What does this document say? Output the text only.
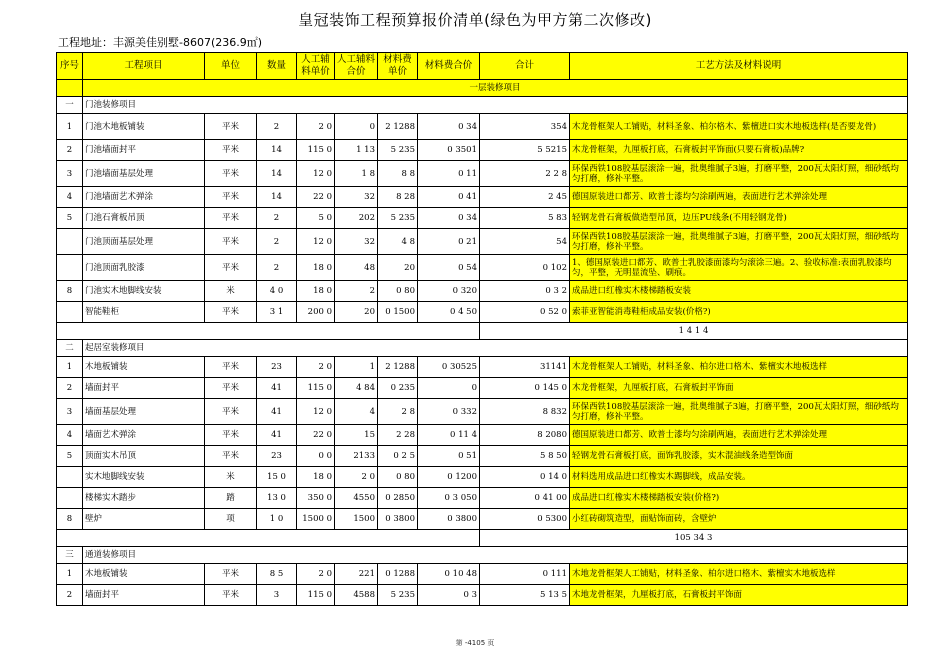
皇冠装饰工程预算报价清单(绿色为甲方第二次修改)
工程地址：丰源美佳别墅-8607(236.9㎡)
序号	工程项目	单位	数量	人工辅料单价	人工辅料合价	材料费单价	材料费合价	合计	工艺方法及材料说明
	一层装修项目								
一	门池装修项目								
1	门池木地板铺装	平米	2	2 0	0	2 1288	0 34	354	木龙骨框架人工铺贴，材料圣象、柏尔格木、紫檀进口实木地板选样(是否要龙骨)
2	门池墙面封平	平米	14	115 0	1 13	5 235	0 3501	5 5215	木龙骨框架，九厘板打底，石膏板封平饰面(只要石膏板)品牌?
3	门池墙面基层处理	平米	14	12 0	1 8	8 8	0 11	2 2 8	环保西铁108胶基层滚涂一遍，批奥维腻子3遍，打磨平整，200瓦太阳灯照，细砂纸均匀打磨，修补平整。
4	门池墙面艺术弹涂	平米	14	22 0	32	8 28	0 41	2 45	德国原装进口都芳、欧普士漆均匀涂刷两遍，表面进行艺术弹涂处理
5	门池石膏板吊顶	平米	2	5 0	202	5 235	0 34	5 83	轻钢龙骨石膏板做造型吊顶，边压PU线条(不用轻钢龙骨)
	门池顶面基层处理	平米	2	12 0	32	4 8	0 21	54	环保西铁108胶基层滚涂一遍，批奥维腻子3遍，打磨平整，200瓦太阳灯照，细砂纸均匀打磨，修补平整。
	门池顶面乳胶漆	平米	2	18 0	48	20	0 54	0 102	1、德国原装进口都芳、欧普士乳胶漆面漆均匀滚涂三遍。2、验收标准:表面乳胶漆均匀，平整，无明显流坠、刷痕。
8	门池实木地脚线安装	米	4 0	18 0	2	0 80	0 320	0 3 2	成品进口红橡实木楼梯踏板安装
	智能鞋柜	平米	3 1	200 0	20	0 1500	0 4 50	0 52 0	索菲亚智能消毒鞋柜成品安装(价格?)
								1 4 1 4	
二	起居室装修项目								
1	木地板铺装	平米	23	2 0	1	2 1288	0 30525	31141	木龙骨框架人工铺贴，材料圣象、柏尔进口格木、紫檀实木地板选样
2	墙面封平	平米	41	115 0	4 84	0 235	0	0 145 0	木龙骨框架，九厘板打底，石膏板封平饰面
3	墙面基层处理	平米	41	12 0	4	2 8	0 332	8 832	环保西铁108胶基层滚涂一遍，批奥维腻子3遍，打磨平整，200瓦太阳灯照，细砂纸均匀打磨，修补平整。
4	墙面艺术弹涂	平米	41	22 0	15	2 28	0 11 4	8 2080	德国原装进口都芳、欧普士漆均匀涂刷两遍，表面进行艺术弹涂处理
5	顶面实木吊顶	平米	23	0 0	2133	0 2 5	0 51	5 8 50	轻钢龙骨石膏板打底，面饰乳胶漆，实木混油线条造型饰面
	实木地脚线安装	米	15 0	18 0	2 0	0 80	0 1200	0 14 0	材料选用成品进口红橡实木踢脚线，成品安装。
	楼梯实木踏步	踏	13 0	350 0	4550	0 2850	0 3 050	0 41 00	成品进口红橡实木楼梯踏板安装(价格?)
8	壁炉	项	1 0	1500 0	1500	0 3800	0 3800	0 5300	小红砖砌筑造型，面贴饰面砖，含壁炉
								105 34 3	
三	通道装修项目								
1	木地板铺装	平米	8 5	2 0	221	0 1288	0 10 48	0 111	木地龙骨框架人工铺贴，材料圣象、柏尔进口格木、紫檀实木地板选样
2	墙面封平	平米	3	115 0	4588	5 235	0 3	5 13 5	木地龙骨框架，九厘板打底，石膏板封平饰面
第 -4105 页
